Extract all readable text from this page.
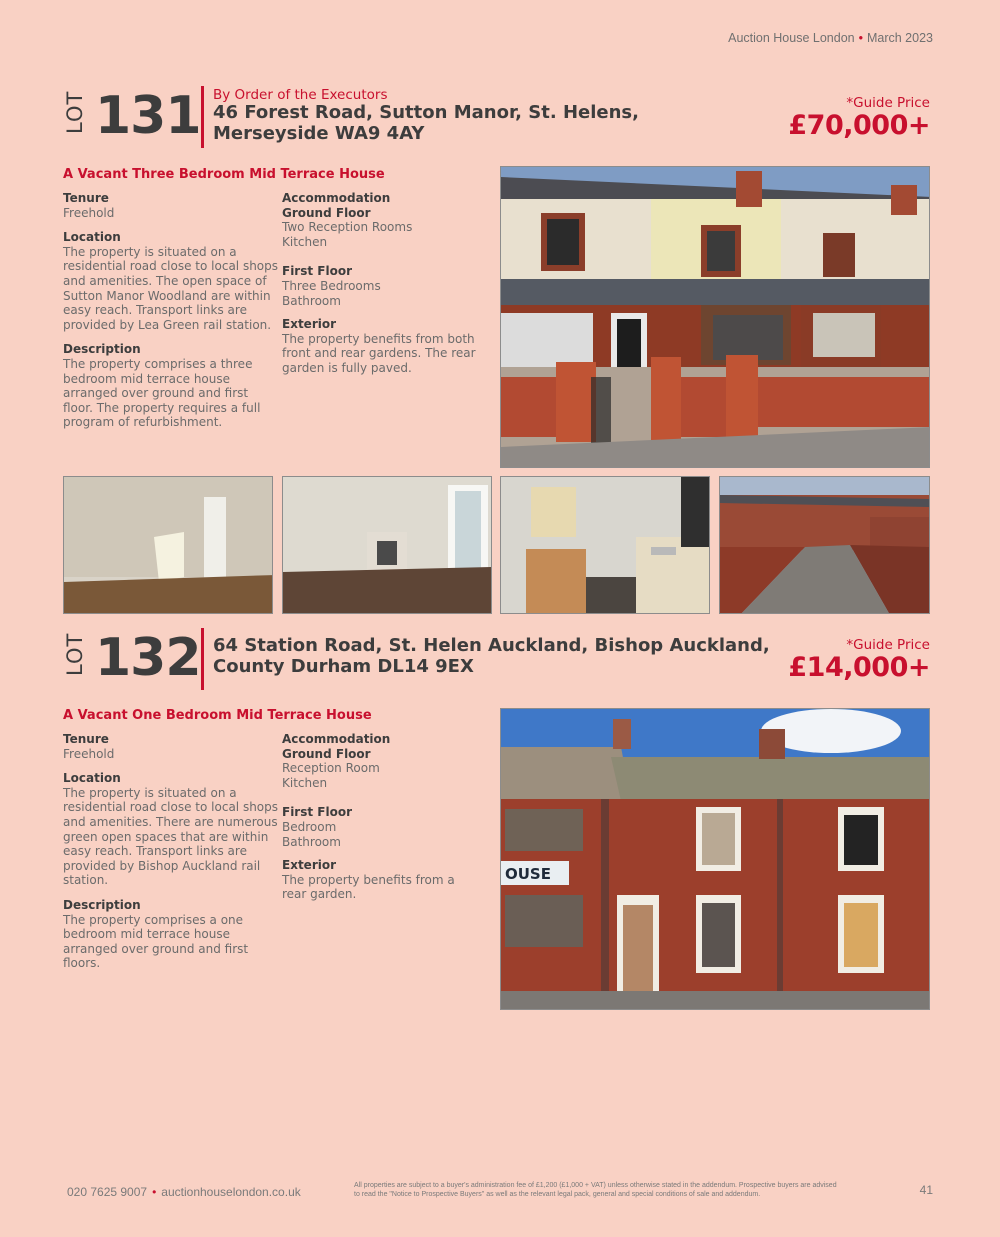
Auction House London • March 2023
LOT 131 By Order of the Executors
46 Forest Road, Sutton Manor, St. Helens,
Merseyside WA9 4AY
*Guide Price
£70,000+
A Vacant Three Bedroom Mid Terrace House
Tenure

Freehold

Location

The property is situated on a residential road close to local shops and amenities. The open space of Sutton Manor Woodland are within easy reach. Transport links are provided by Lea Green rail station.

Description

The property comprises a three bedroom mid terrace house arranged over ground and first floor. The property requires a full program of refurbishment.

Accommodation
Ground Floor

Two Reception Rooms

Kitchen

First Floor

Three Bedrooms

Bathroom

Exterior

The property benefits from both front and rear gardens. The rear garden is fully paved.

LOT 132 64 Station Road, St. Helen Auckland, Bishop Auckland,
County Durham DL14 9EX
*Guide Price
£14,000+
A Vacant One Bedroom Mid Terrace House
Tenure

Freehold

Location

The property is situated on a residential road close to local shops and amenities. There are numerous green open spaces that are within easy reach. Transport links are provided by Bishop Auckland rail station.

Description

The property comprises a one bedroom mid terrace house arranged over ground and first floors.

Accommodation
Ground Floor

Reception Room

Kitchen

First Floor

Bedroom

Bathroom

Exterior

The property benefits from a rear garden.

OUSE
020 7625 9007 • auctionhouselondon.co.uk	All properties are subject to a buyer's administration fee of £1,200 (£1,000 + VAT) unless otherwise stated in the addendum. Prospective buyers are advised to read the "Notice to Prospective Buyers" as well as the relevant legal pack, general and special conditions of sale and addendum.	41
